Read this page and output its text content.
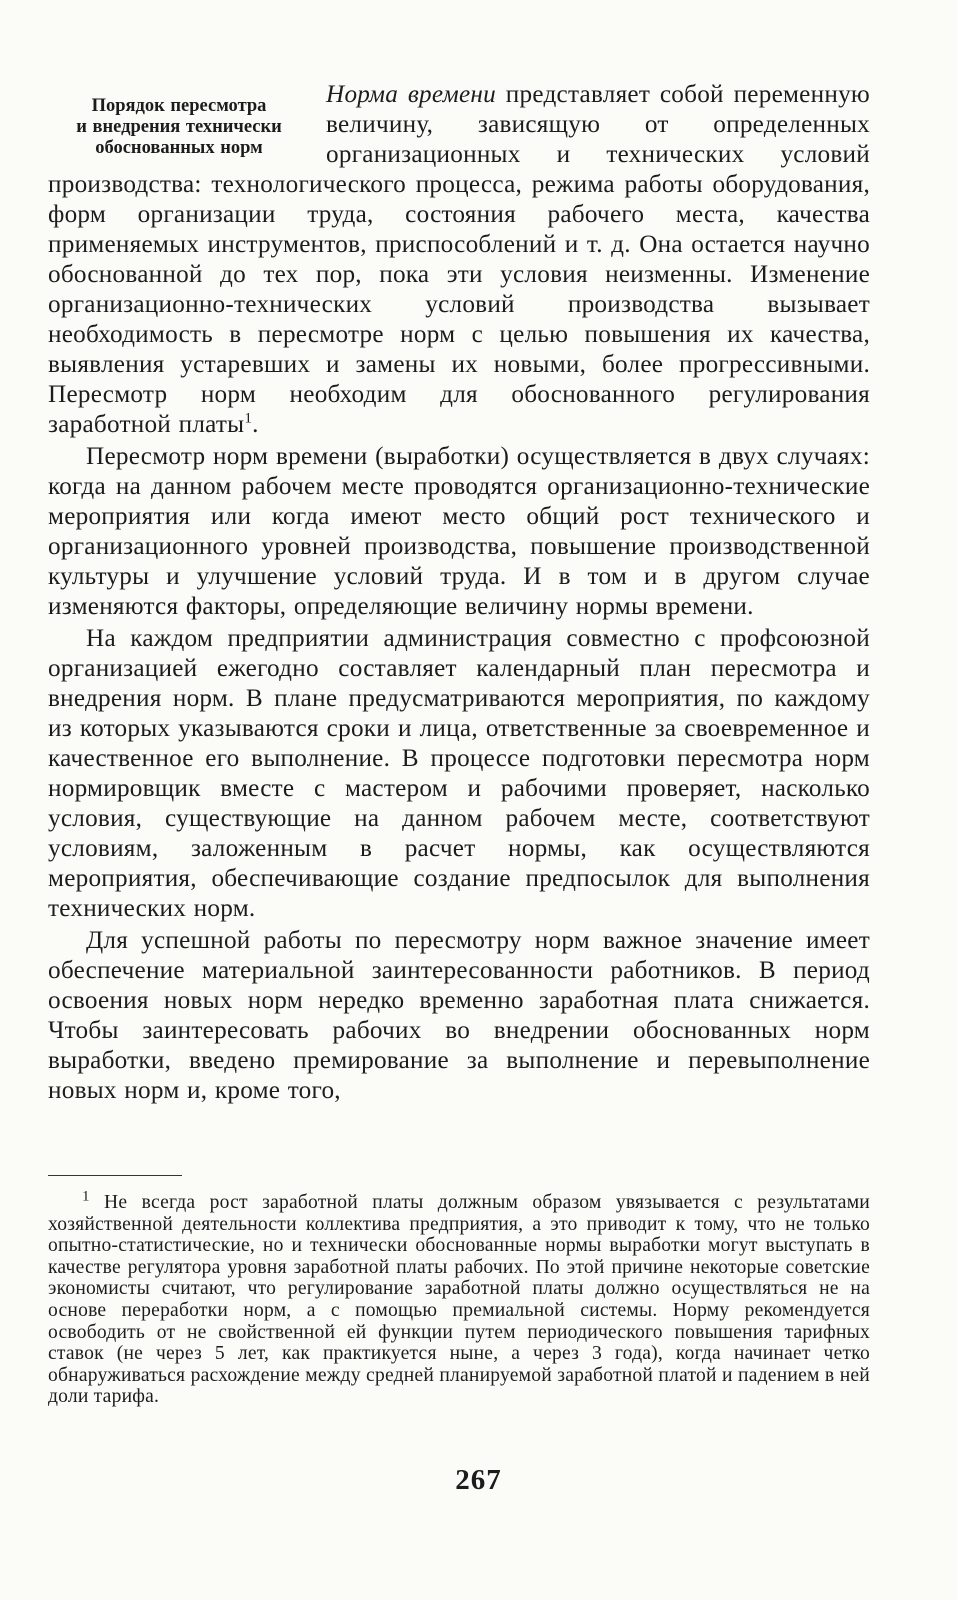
Порядок пересмотра
и внедрения технически
обоснованных норм

Норма времени представляет собой переменную величину, зависящую от определенных организационных и технических условий производства: технологического процесса, режима работы оборудования, форм организации труда, состояния рабочего места, качества применяемых инструментов, приспособлений и т. д. Она остается научно обоснованной до тех пор, пока эти условия неизменны. Изменение организационно-технических условий производства вызывает необходимость в пересмотре норм с целью повышения их качества, выявления устаревших и замены их новыми, более прогрессивными. Пересмотр норм необходим для обоснованного регулирования заработной платы$^1$.

Пересмотр норм времени (выработки) осуществляется в двух случаях: когда на данном рабочем месте проводятся организационно-технические мероприятия или когда имеют место общий рост технического и организационного уровней производства, повышение производственной культуры и улучшение условий труда. И в том и в другом случае изменяются факторы, определяющие величину нормы времени.

На каждом предприятии администрация совместно с профсоюзной организацией ежегодно составляет календарный план пересмотра и внедрения норм. В плане предусматриваются мероприятия, по каждому из которых указываются сроки и лица, ответственные за своевременное и качественное его выполнение. В процессе подготовки пересмотра норм нормировщик вместе с мастером и рабочими проверяет, насколько условия, существующие на данном рабочем месте, соответствуют условиям, заложенным в расчет нормы, как осуществляются мероприятия, обеспечивающие создание предпосылок для выполнения технических норм.

Для успешной работы по пересмотру норм важное значение имеет обеспечение материальной заинтересованности работников. В период освоения новых норм нередко временно заработная плата снижается. Чтобы заинтересовать рабочих во внедрении обоснованных норм выработки, введено премирование за выполнение и перевыполнение новых норм и, кроме того,

$^1$ Не всегда рост заработной платы должным образом увязывается с результатами хозяйственной деятельности коллектива предприятия, а это приводит к тому, что не только опытно-статистические, но и технически обоснованные нормы выработки могут выступать в качестве регулятора уровня заработной платы рабочих. По этой причине некоторые советские экономисты считают, что регулирование заработной платы должно осуществляться не на основе переработки норм, а с помощью премиальной системы. Норму рекомендуется освободить от не свойственной ей функции путем периодического повышения тарифных ставок (не через 5 лет, как практикуется ныне, а через 3 года), когда начинает четко обнаруживаться расхождение между средней планируемой заработной платой и падением в ней доли тарифа.

267
